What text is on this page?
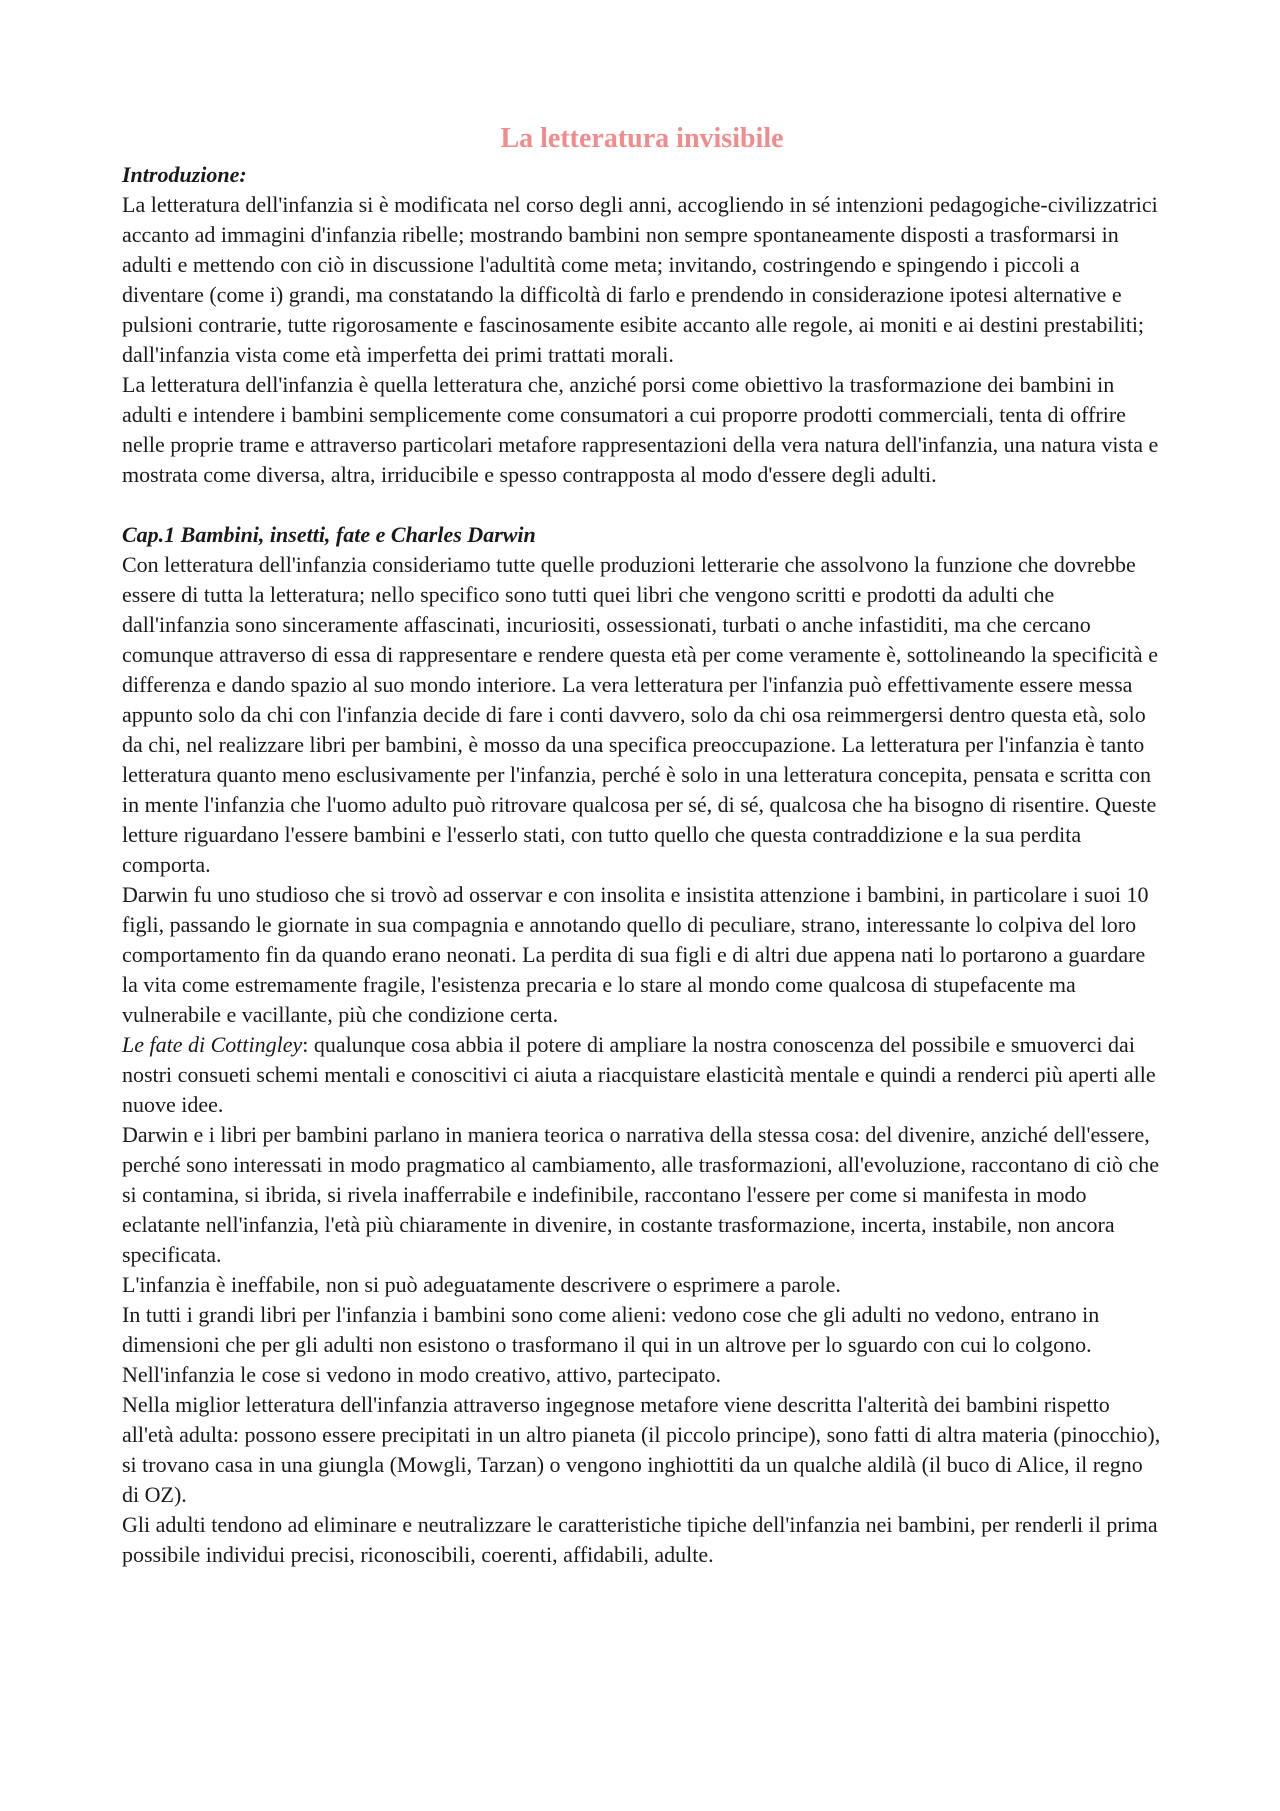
La letteratura invisibile

Introduzione:

La letteratura dell'infanzia si è modificata nel corso degli anni, accogliendo in sé intenzioni pedagogiche-civilizzatrici accanto ad immagini d'infanzia ribelle; mostrando bambini non sempre spontaneamente disposti a trasformarsi in adulti e mettendo con ciò in discussione l'adultità come meta; invitando, costringendo e spingendo i piccoli a diventare (come i) grandi, ma constatando la difficoltà di farlo e prendendo in considerazione ipotesi alternative e pulsioni contrarie, tutte rigorosamente e fascinosamente esibite accanto alle regole, ai moniti e ai destini prestabiliti; dall'infanzia vista come età imperfetta dei primi trattati morali.

La letteratura dell'infanzia è quella letteratura che, anziché porsi come obiettivo la trasformazione dei bambini in adulti e intendere i bambini semplicemente come consumatori a cui proporre prodotti commerciali, tenta di offrire nelle proprie trame e attraverso particolari metafore rappresentazioni della vera natura dell'infanzia, una natura vista e mostrata come diversa, altra, irriducibile e spesso contrapposta al modo d'essere degli adulti.

Cap.1 Bambini, insetti, fate e Charles Darwin

Con letteratura dell'infanzia consideriamo tutte quelle produzioni letterarie che assolvono la funzione che dovrebbe essere di tutta la letteratura; nello specifico sono tutti quei libri che vengono scritti e prodotti da adulti che dall'infanzia sono sinceramente affascinati, incuriositi, ossessionati, turbati o anche infastiditi, ma che cercano comunque attraverso di essa di rappresentare e rendere questa età per come veramente è, sottolineando la specificità e differenza e dando spazio al suo mondo interiore. La vera letteratura per l'infanzia può effettivamente essere messa appunto solo da chi con l'infanzia decide di fare i conti davvero, solo da chi osa reimmergersi dentro questa età, solo da chi, nel realizzare libri per bambini, è mosso da una specifica preoccupazione. La letteratura per l'infanzia è tanto letteratura quanto meno esclusivamente per l'infanzia, perché è solo in una letteratura concepita, pensata e scritta con in mente l'infanzia che l'uomo adulto può ritrovare qualcosa per sé, di sé, qualcosa che ha bisogno di risentire. Queste letture riguardano l'essere bambini e l'esserlo stati, con tutto quello che questa contraddizione e la sua perdita comporta.

Darwin fu uno studioso che si trovò ad osservar e con insolita e insistita attenzione i bambini, in particolare i suoi 10 figli, passando le giornate in sua compagnia e annotando quello di peculiare, strano, interessante lo colpiva del loro comportamento fin da quando erano neonati. La perdita di sua figli e di altri due appena nati lo portarono a guardare la vita come estremamente fragile, l'esistenza precaria e lo stare al mondo come qualcosa di stupefacente ma vulnerabile e vacillante, più che condizione certa.

Le fate di Cottingley: qualunque cosa abbia il potere di ampliare la nostra conoscenza del possibile e smuoverci dai nostri consueti schemi mentali e conoscitivi ci aiuta a riacquistare elasticità mentale e quindi a renderci più aperti alle nuove idee.

Darwin e i libri per bambini parlano in maniera teorica o narrativa della stessa cosa: del divenire, anziché dell'essere, perché sono interessati in modo pragmatico al cambiamento, alle trasformazioni, all'evoluzione, raccontano di ciò che si contamina, si ibrida, si rivela inafferrabile e indefinibile, raccontano l'essere per come si manifesta in modo eclatante nell'infanzia, l'età più chiaramente in divenire, in costante trasformazione, incerta, instabile, non ancora specificata.

L'infanzia è ineffabile, non si può adeguatamente descrivere o esprimere a parole.

In tutti i grandi libri per l'infanzia i bambini sono come alieni: vedono cose che gli adulti no vedono, entrano in dimensioni che per gli adulti non esistono o trasformano il qui in un altrove per lo sguardo con cui lo colgono. Nell'infanzia le cose si vedono in modo creativo, attivo, partecipato.

Nella miglior letteratura dell'infanzia attraverso ingegnose metafore viene descritta l'alterità dei bambini rispetto all'età adulta: possono essere precipitati in un altro pianeta (il piccolo principe), sono fatti di altra materia (pinocchio), si trovano casa in una giungla (Mowgli, Tarzan) o vengono inghiottiti da un qualche aldilà (il buco di Alice, il regno di OZ).

Gli adulti tendono ad eliminare e neutralizzare le caratteristiche tipiche dell'infanzia nei bambini, per renderli il prima possibile individui precisi, riconoscibili, coerenti, affidabili, adulte.
